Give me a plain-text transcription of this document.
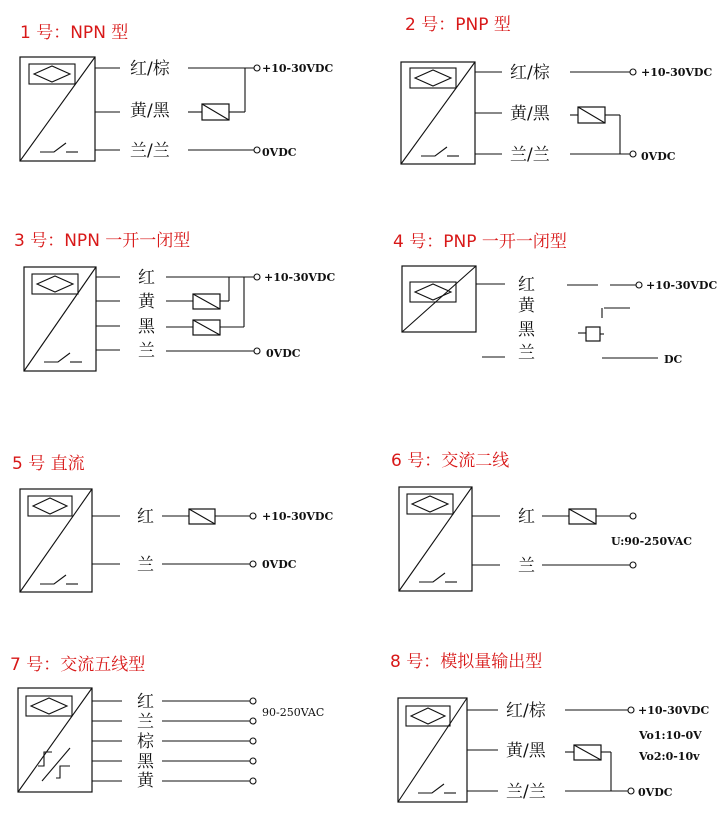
1 号：NPN 型
红/棕
黄/黑
兰/兰
+10-30VDC
0VDC
2 号：PNP 型
红/棕
黄/黑
兰/兰
+10-30VDC
0VDC
3 号：NPN 一开一闭型
红
黄
黑
兰
+10-30VDC
0VDC
4 号：PNP 一开一闭型
红
黄
黑
兰
+10-30VDC
DC
5 号 直流
红
兰
+10-30VDC
0VDC
6 号：交流二线
红
兰
U:90-250VAC
7 号：交流五线型
红
兰
棕
黑
黄
90-250VAC
8 号：模拟量输出型
红/棕
黄/黑
兰/兰
+10-30VDC
Vo1:10-0V
Vo2:0-10v
0VDC
